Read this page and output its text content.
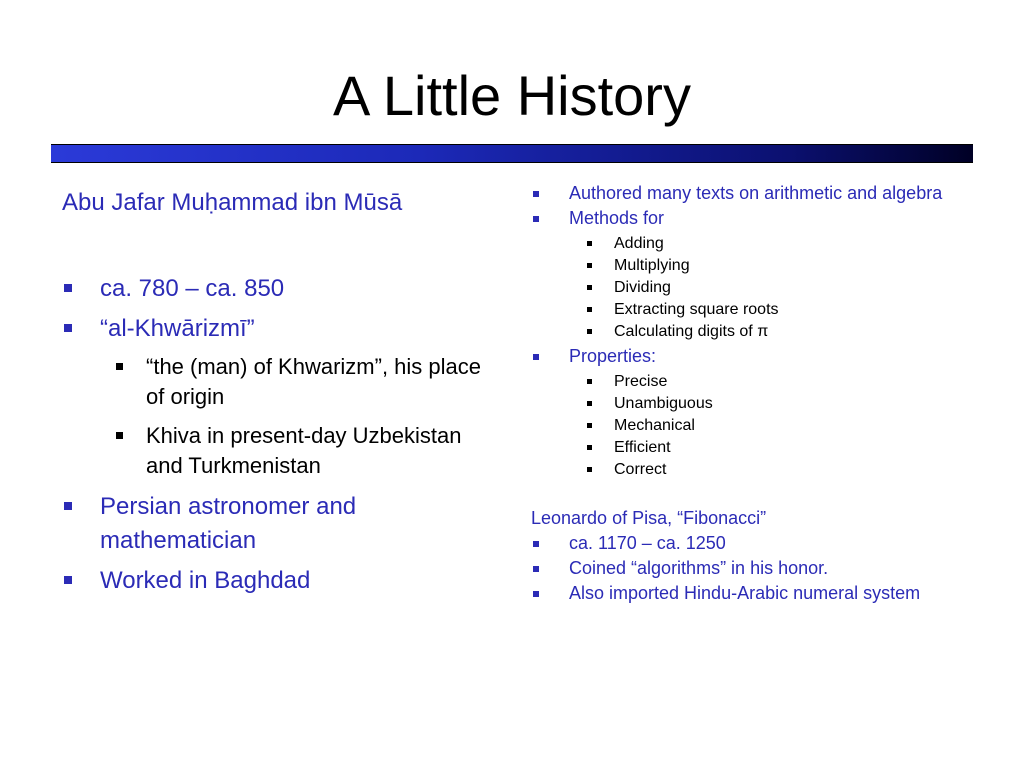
A Little History

Abu Jafar Muḥammad ibn Mūsā

ca. 780 – ca. 850
“al-Khwārizmī”
“the (man) of Khwarizm”, his place of origin
Khiva in present-day Uzbekistan and Turkmenistan
Persian astronomer and mathematician
Worked in Baghdad
Authored many texts on arithmetic and algebra
Methods for
Adding
Multiplying
Dividing
Extracting square roots
Calculating digits of π
Properties:
Precise
Unambiguous
Mechanical
Efficient
Correct

Leonardo of Pisa, “Fibonacci”

ca. 1170 – ca. 1250
Coined “algorithms” in his honor.
Also imported Hindu-Arabic numeral system
